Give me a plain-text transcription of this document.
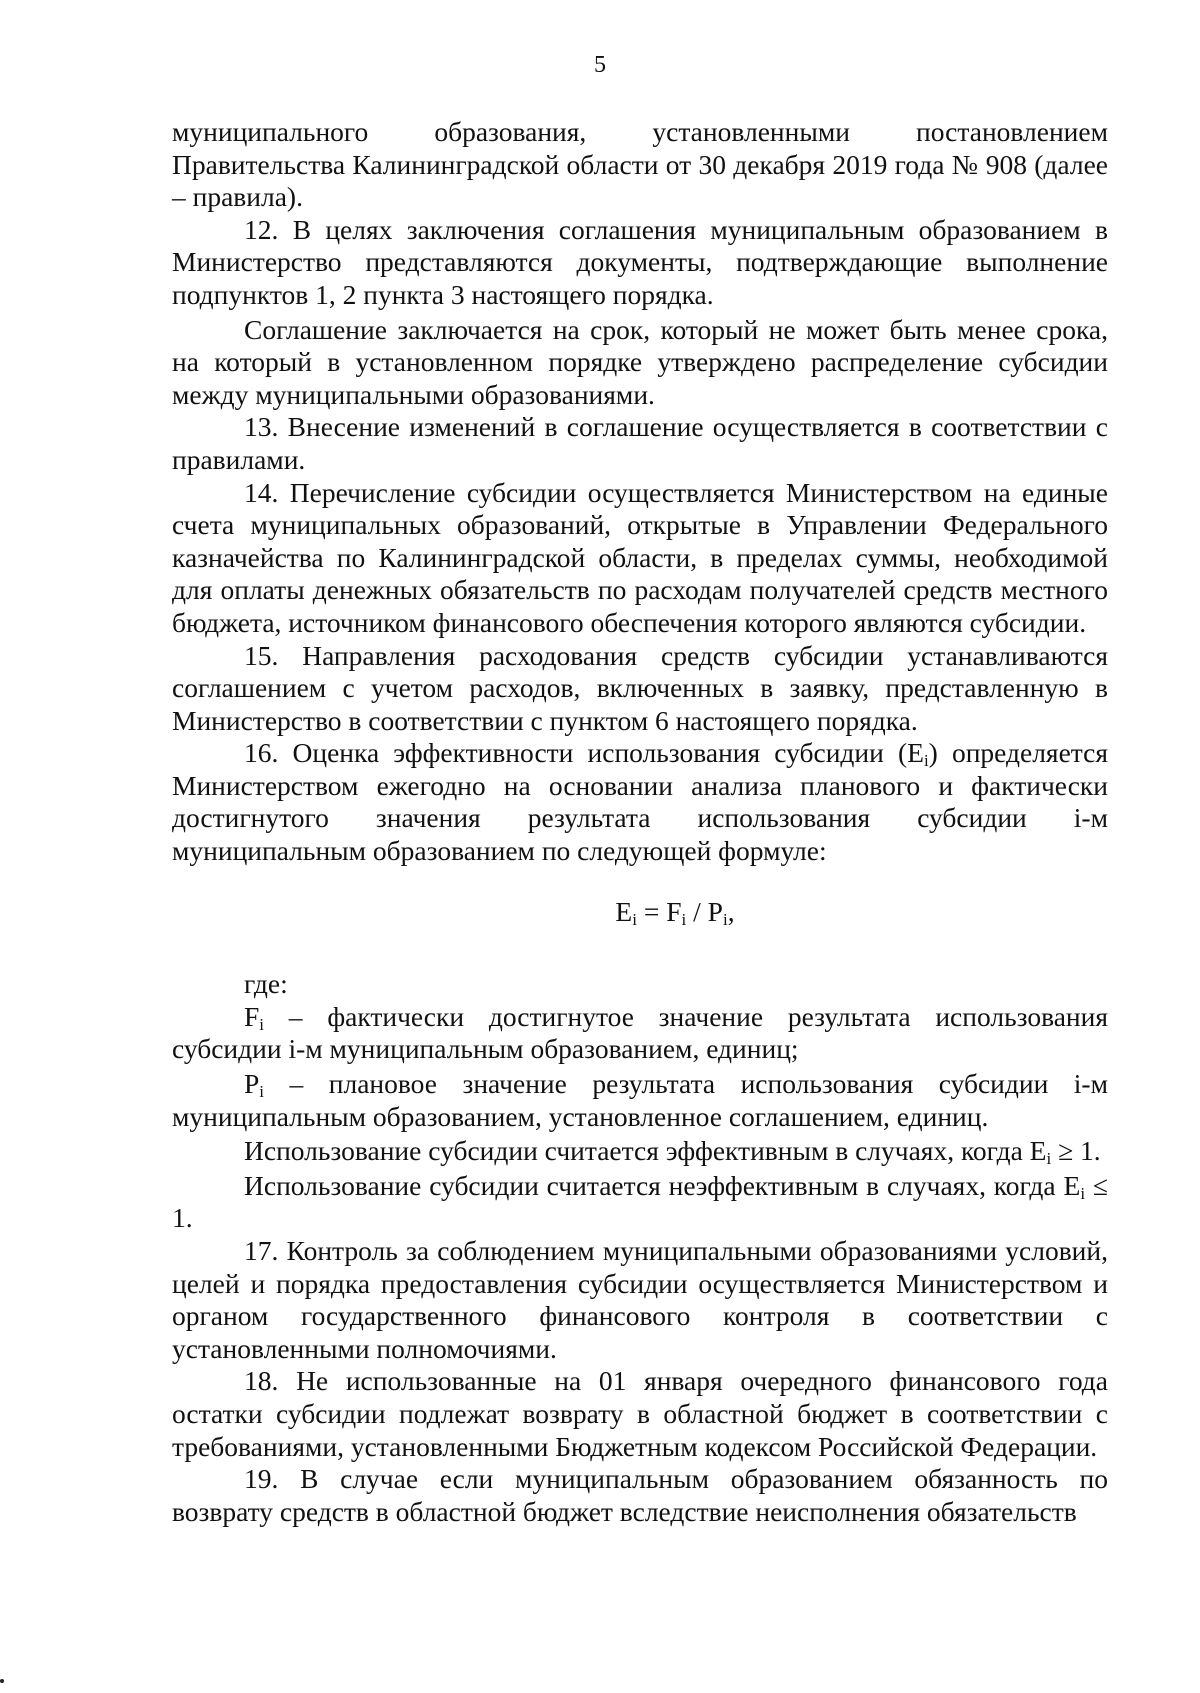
5

муниципального образования, установленными постановлением Правительства Калининградской области от 30 декабря 2019 года № 908 (далее – правила).

12. В целях заключения соглашения муниципальным образованием в Министерство представляются документы, подтверждающие выполнение подпунктов 1, 2 пункта 3 настоящего порядка.

Соглашение заключается на срок, который не может быть менее срока, на который в установленном порядке утверждено распределение субсидии между муниципальными образованиями.

13. Внесение изменений в соглашение осуществляется в соответствии с правилами.

14. Перечисление субсидии осуществляется Министерством на единые счета муниципальных образований, открытые в Управлении Федерального казначейства по Калининградской области, в пределах суммы, необходимой для оплаты денежных обязательств по расходам получателей средств местного бюджета, источником финансового обеспечения которого являются субсидии.

15. Направления расходования средств субсидии устанавливаются соглашением с учетом расходов, включенных в заявку, представленную в Министерство в соответствии с пунктом 6 настоящего порядка.

16. Оценка эффективности использования субсидии $(E_i)$ определяется Министерством ежегодно на основании анализа планового и фактически достигнутого значения результата использования субсидии i-м муниципальным образованием по следующей формуле:

$E_i = F_i / P_i$,

где:

$F_i$ – фактически достигнутое значение результата использования субсидии i-м муниципальным образованием, единиц;

$P_i$ – плановое значение результата использования субсидии i-м муниципальным образованием, установленное соглашением, единиц.

Использование субсидии считается эффективным в случаях, когда $E_i \ge 1$.

Использование субсидии считается неэффективным в случаях, когда $E_i \le 1$.

17. Контроль за соблюдением муниципальными образованиями условий, целей и порядка предоставления субсидии осуществляется Министерством и органом государственного финансового контроля в соответствии с установленными полномочиями.

18. Не использованные на 01 января очередного финансового года остатки субсидии подлежат возврату в областной бюджет в соответствии с требованиями, установленными Бюджетным кодексом Российской Федерации.

19. В случае если муниципальным образованием обязанность по возврату средств в областной бюджет вследствие неисполнения обязательств
